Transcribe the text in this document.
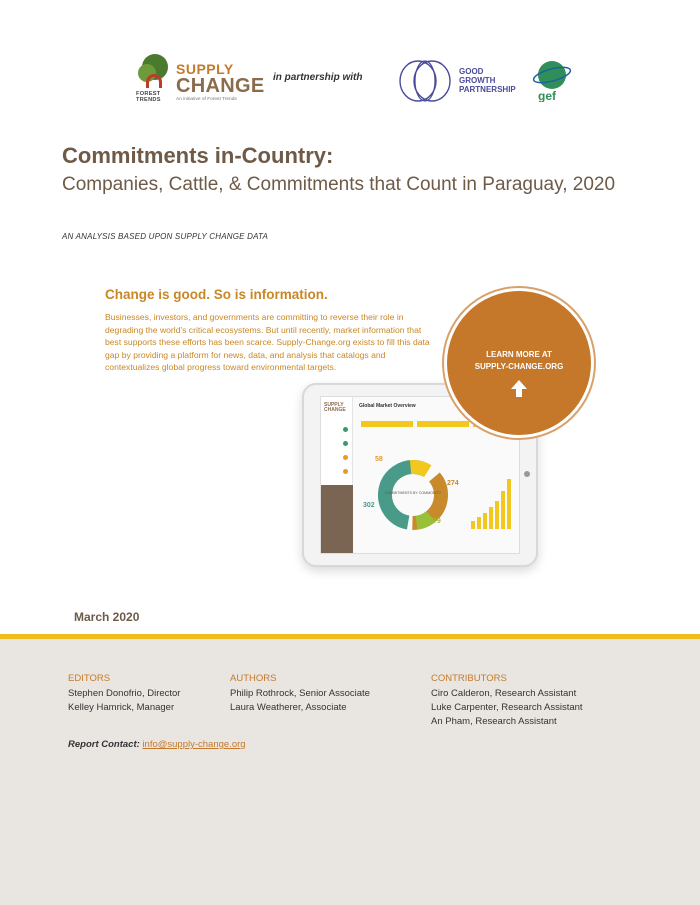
FOREST TRENDS
SUPPLY
CHANGE
An initiative of Forest Trends
in partnership with
GOOD
GROWTH
PARTNERSHIP gef
Commitments in-Country:
Companies, Cattle, & Commitments that Count in Paraguay, 2020
AN ANALYSIS BASED UPON SUPPLY CHANGE DATA
Change is good. So is information.
Businesses, investors, and governments are committing to reverse their role in degrading the world's critical ecosystems. But until recently, market information that best supports these efforts has been scarce. Supply-Change.org exists to fill this data gap by providing a platform for news, data, and analysis that catalogs and contextualizes global progress toward environmental targets.
SUPPLY
CHANGE
Global Market Overview
COMMITMENTS BY COMMODITY
58
302
274
79
LEARN MORE AT
SUPPLY-CHANGE.ORG
March 2020
EDITORS
Stephen Donofrio, Director
Kelley Hamrick, Manager
AUTHORS
Philip Rothrock, Senior Associate
Laura Weatherer, Associate
CONTRIBUTORS
Ciro Calderon, Research Assistant
Luke Carpenter, Research Assistant
An Pham, Research Assistant
Report Contact: info@supply-change.org
